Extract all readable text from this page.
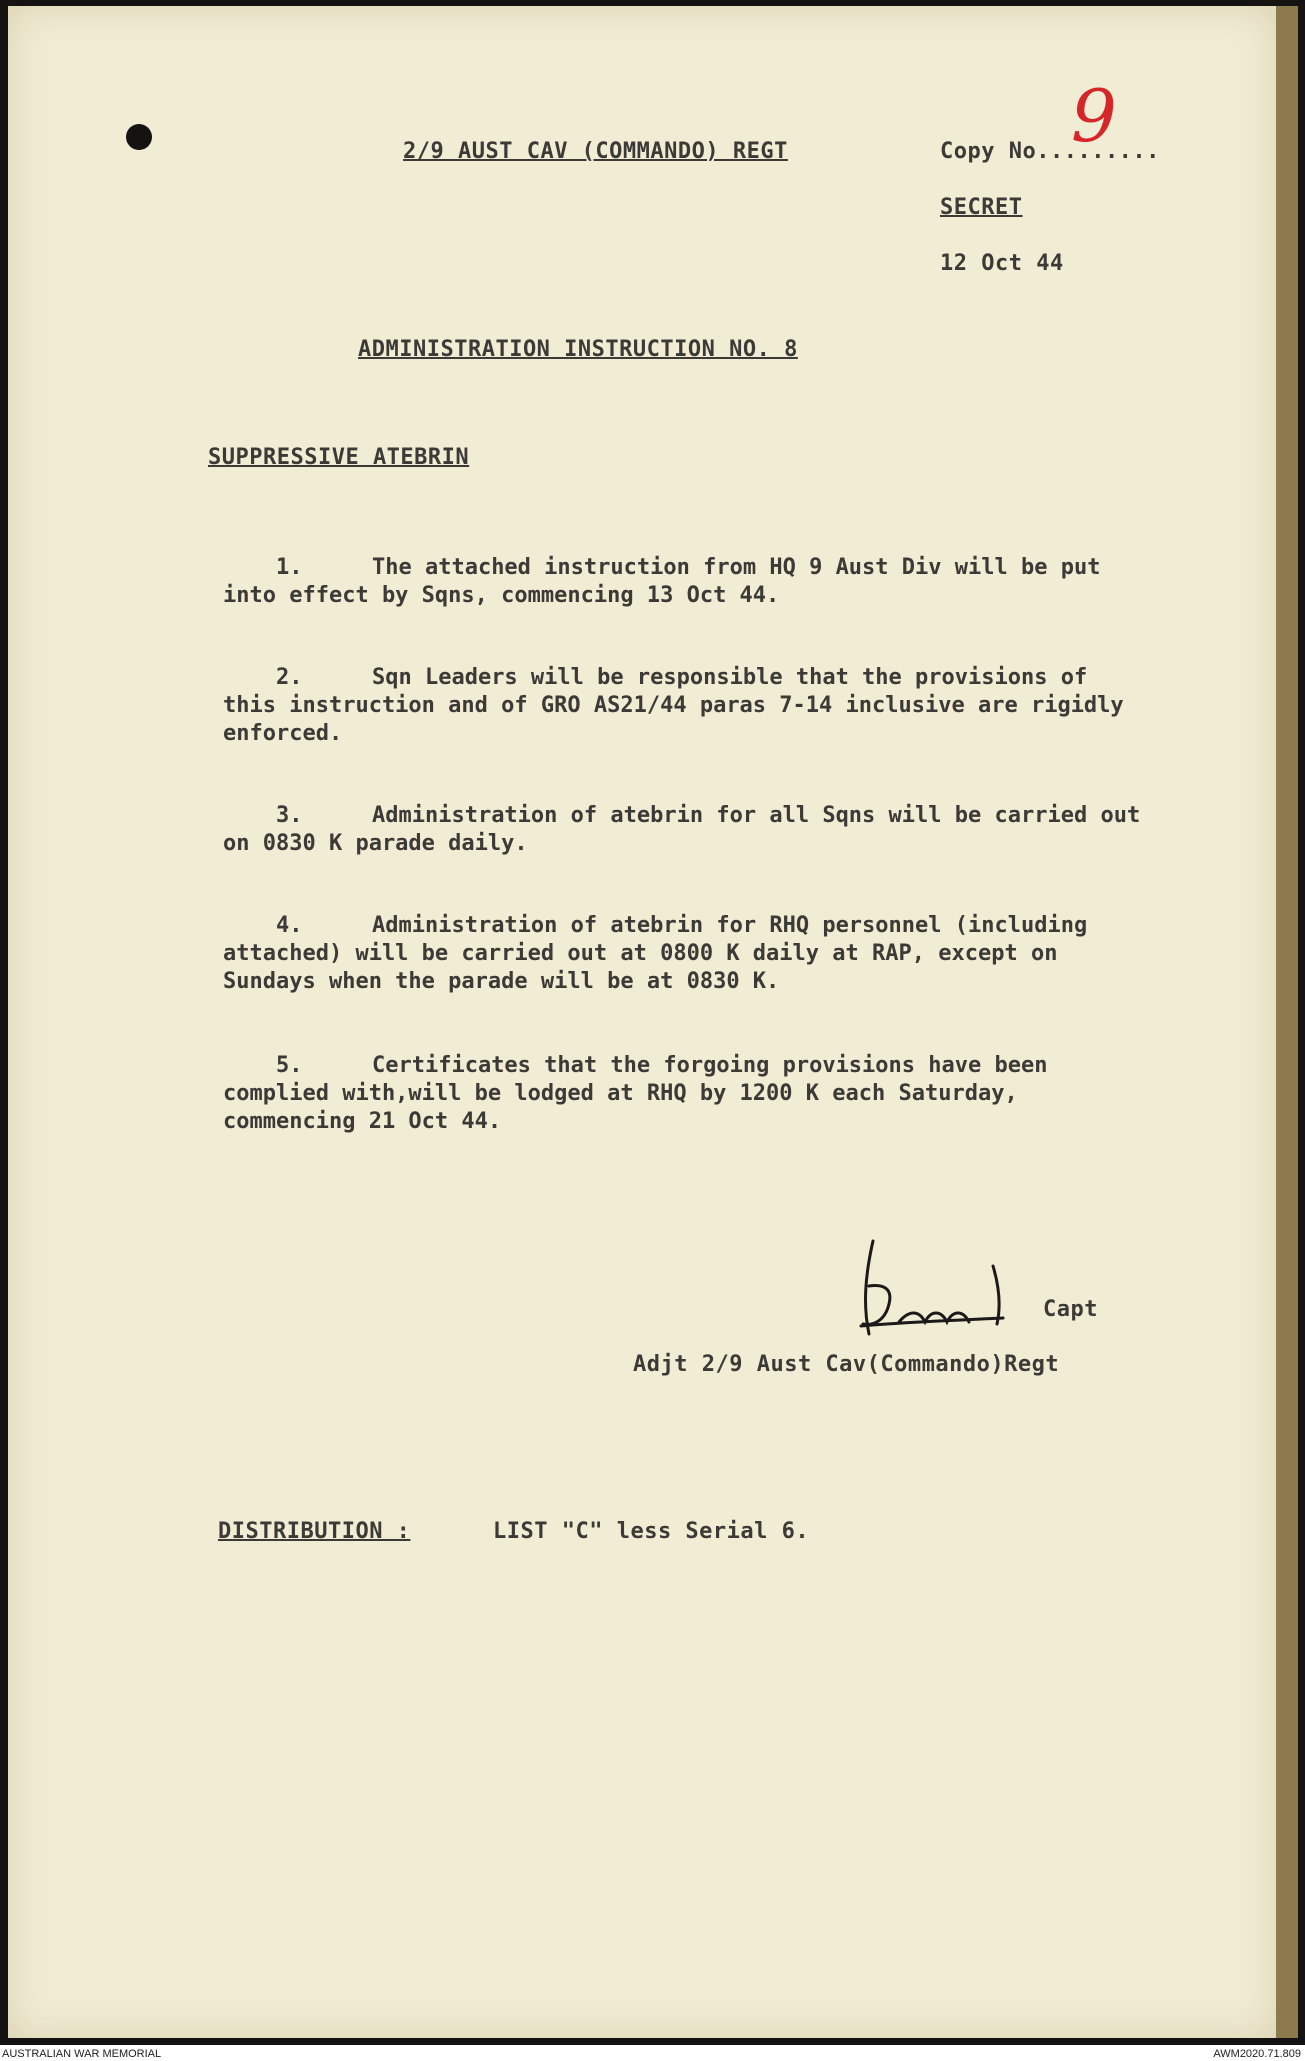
2/9 AUST CAV (COMMANDO) REGT	Copy No.........
9
SECRET
12 Oct 44
ADMINISTRATION INSTRUCTION NO. 8
SUPPRESSIVE ATEBRIN

1.	The attached instruction from HQ 9 Aust Div will be put into effect by Sqns, commencing 13 Oct 44.

2.	Sqn Leaders will be responsible that the provisions of this instruction and of GRO AS21/44 paras 7-14 inclusive are rigidly enforced.

3.	Administration of atebrin for all Sqns will be carried out on 0830 K parade daily.

4.	Administration of atebrin for RHQ personnel (including attached) will be carried out at 0800 K daily at RAP, except on Sundays when the parade will be at 0830 K.

5.	Certificates that the forgoing provisions have been complied with,will be lodged at RHQ by 1200 K each Saturday, commencing 21 Oct 44.

Capt
Adjt 2/9 Aust Cav(Commando)Regt
DISTRIBUTION :	LIST "C" less Serial 6.
AUSTRALIAN WAR MEMORIAL	AWM2020.71.809
